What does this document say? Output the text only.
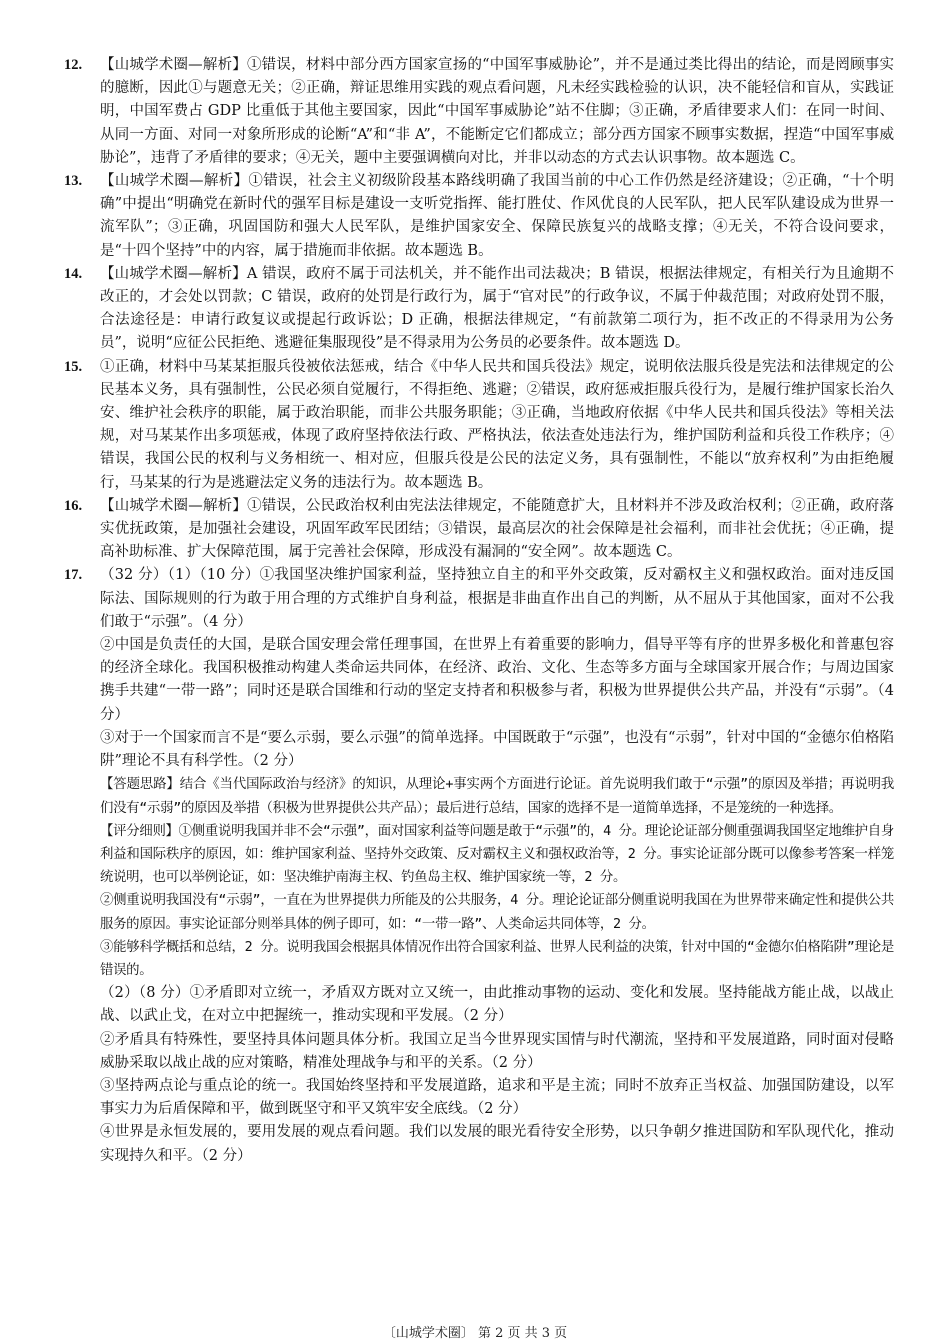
12. 【山城学术圈—解析】①错误，材料中部分西方国家宣扬的“中国军事威胁论”，并不是通过类比得出的结论，而是罔顾事实的臆断，因此①与题意无关；②正确，辩证思维用实践的观点看问题，凡未经实践检验的认识，决不能轻信和盲从，实践证明，中国军费占 GDP 比重低于其他主要国家，因此“中国军事威胁论”站不住脚；③正确，矛盾律要求人们：在同一时间、从同一方面、对同一对象所形成的论断“A”和“非 A”，不能断定它们都成立；部分西方国家不顾事实数据，捏造“中国军事威胁论”，违背了矛盾律的要求；④无关，题中主要强调横向对比，并非以动态的方式去认识事物。故本题选 C。
13. 【山城学术圈—解析】①错误，社会主义初级阶段基本路线明确了我国当前的中心工作仍然是经济建设；②正确，“十个明确”中提出“明确党在新时代的强军目标是建设一支听党指挥、能打胜仗、作风优良的人民军队，把人民军队建设成为世界一流军队”；③正确，巩固国防和强大人民军队，是维护国家安全、保障民族复兴的战略支撑；④无关，不符合设问要求，是“十四个坚持”中的内容，属于措施而非依据。故本题选 B。
14. 【山城学术圈—解析】A 错误，政府不属于司法机关，并不能作出司法裁决；B 错误，根据法律规定，有相关行为且逾期不改正的，才会处以罚款；C 错误，政府的处罚是行政行为，属于“官对民”的行政争议，不属于仲裁范围；对政府处罚不服，合法途径是：申请行政复议或提起行政诉讼；D 正确，根据法律规定，“有前款第二项行为，拒不改正的不得录用为公务员”，说明“应征公民拒绝、逃避征集服现役”是不得录用为公务员的必要条件。故本题选 D。
15. ①正确，材料中马某某拒服兵役被依法惩戒，结合《中华人民共和国兵役法》规定，说明依法服兵役是宪法和法律规定的公民基本义务，具有强制性，公民必须自觉履行，不得拒绝、逃避；②错误，政府惩戒拒服兵役行为，是履行维护国家长治久安、维护社会秩序的职能，属于政治职能，而非公共服务职能；③正确，当地政府依据《中华人民共和国兵役法》等相关法规，对马某某作出多项惩戒，体现了政府坚持依法行政、严格执法，依法查处违法行为，维护国防利益和兵役工作秩序；④错误，我国公民的权利与义务相统一、相对应，但服兵役是公民的法定义务，具有强制性，不能以“放弃权利”为由拒绝履行，马某某的行为是逃避法定义务的违法行为。故本题选 B。
16. 【山城学术圈—解析】①错误，公民政治权利由宪法法律规定，不能随意扩大，且材料并不涉及政治权利；②正确，政府落实优抚政策，是加强社会建设，巩固军政军民团结；③错误，最高层次的社会保障是社会福利，而非社会优抚；④正确，提高补助标准、扩大保障范围，属于完善社会保障，形成没有漏洞的“安全网”。故本题选 C。
17. （32 分）（1）（10 分）①我国坚决维护国家利益，坚持独立自主的和平外交政策，反对霸权主义和强权政治。面对违反国际法、国际规则的行为敢于用合理的方式维护自身利益，根据是非曲直作出自己的判断，从不屈从于其他国家，面对不公我们敢于“示强”。（4 分）
②中国是负责任的大国，是联合国安理会常任理事国，在世界上有着重要的影响力，倡导平等有序的世界多极化和普惠包容的经济全球化。我国积极推动构建人类命运共同体，在经济、政治、文化、生态等多方面与全球国家开展合作；与周边国家携手共建“一带一路”；同时还是联合国维和行动的坚定支持者和积极参与者，积极为世界提供公共产品，并没有“示弱”。（4 分）
③对于一个国家而言不是“要么示弱，要么示强”的简单选择。中国既敢于“示强”，也没有“示弱”，针对中国的“金德尔伯格陷阱”理论不具有科学性。（2 分）
【答题思路】结合《当代国际政治与经济》的知识，从理论+事实两个方面进行论证。首先说明我们敢于“示强”的原因及举措；再说明我们没有“示弱”的原因及举措（积极为世界提供公共产品）；最后进行总结，国家的选择不是一道简单选择，不是笼统的一种选择。
【评分细则】①侧重说明我国并非不会“示强”，面对国家利益等问题是敢于“示强”的，4 分。理论论证部分侧重强调我国坚定地维护自身利益和国际秩序的原因，如：维护国家利益、坚持外交政策、反对霸权主义和强权政治等，2 分。事实论证部分既可以像参考答案一样笼统说明，也可以举例论证，如：坚决维护南海主权、钓鱼岛主权、维护国家统一等，2 分。
②侧重说明我国没有“示弱”，一直在为世界提供力所能及的公共服务，4 分。理论论证部分侧重说明我国在为世界带来确定性和提供公共服务的原因。事实论证部分则举具体的例子即可，如：“一带一路”、人类命运共同体等，2 分。
③能够科学概括和总结，2 分。说明我国会根据具体情况作出符合国家利益、世界人民利益的决策，针对中国的“金德尔伯格陷阱”理论是错误的。
（2）（8 分）①矛盾即对立统一，矛盾双方既对立又统一，由此推动事物的运动、变化和发展。坚持能战方能止战，以战止战、以武止戈，在对立中把握统一，推动实现和平发展。（2 分）
②矛盾具有特殊性，要坚持具体问题具体分析。我国立足当今世界现实国情与时代潮流，坚持和平发展道路，同时面对侵略威胁采取以战止战的应对策略，精准处理战争与和平的关系。（2 分）
③坚持两点论与重点论的统一。我国始终坚持和平发展道路，追求和平是主流；同时不放弃正当权益、加强国防建设，以军事实力为后盾保障和平，做到既坚守和平又筑牢安全底线。（2 分）
④世界是永恒发展的，要用发展的观点看问题。我们以发展的眼光看待安全形势，以只争朝夕推进国防和军队现代化，推动实现持久和平。（2 分）
〔山城学术圈〕 第 2 页 共 3 页
